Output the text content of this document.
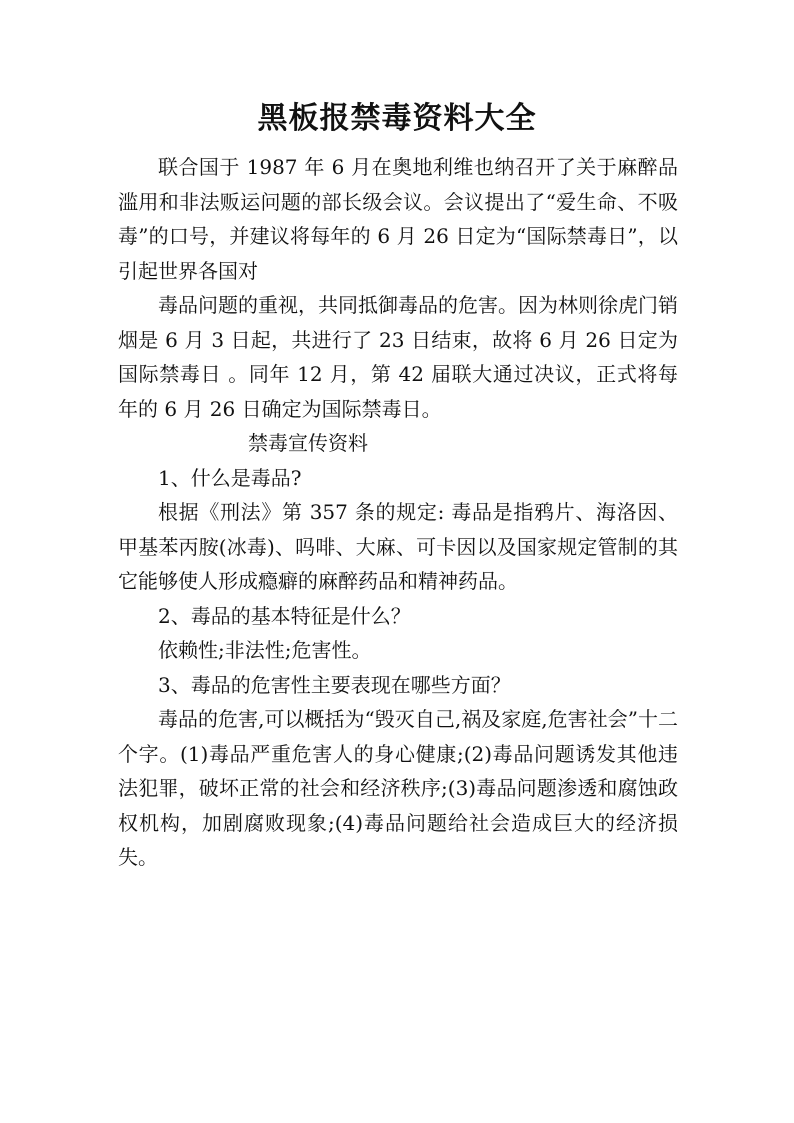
黑板报禁毒资料大全

联合国于 1987 年 6 月在奥地利维也纳召开了关于麻醉品滥用和非法贩运问题的部长级会议。会议提出了“爱生命、不吸毒”的口号，并建议将每年的 6 月 26 日定为“国际禁毒日”，以引起世界各国对

毒品问题的重视，共同抵御毒品的危害。因为林则徐虎门销烟是 6 月 3 日起，共进行了 23 日结束，故将 6 月 26 日定为 国际禁毒日 。同年 12 月，第 42 届联大通过决议，正式将每年的 6 月 26 日确定为国际禁毒日。

禁毒宣传资料

1、什么是毒品?

根据《刑法》第 357 条的规定: 毒品是指鸦片、海洛因、甲基苯丙胺(冰毒)、吗啡、大麻、可卡因以及国家规定管制的其它能够使人形成瘾癖的麻醉药品和精神药品。

2、毒品的基本特征是什么？

依赖性;非法性;危害性。

3、毒品的危害性主要表现在哪些方面？

毒品的危害,可以概括为“毁灭自己,祸及家庭,危害社会”十二个字。(1)毒品严重危害人的身心健康;(2)毒品问题诱发其他违法犯罪，破坏正常的社会和经济秩序;(3)毒品问题渗透和腐蚀政权机构，加剧腐败现象;(4)毒品问题给社会造成巨大的经济损失。
